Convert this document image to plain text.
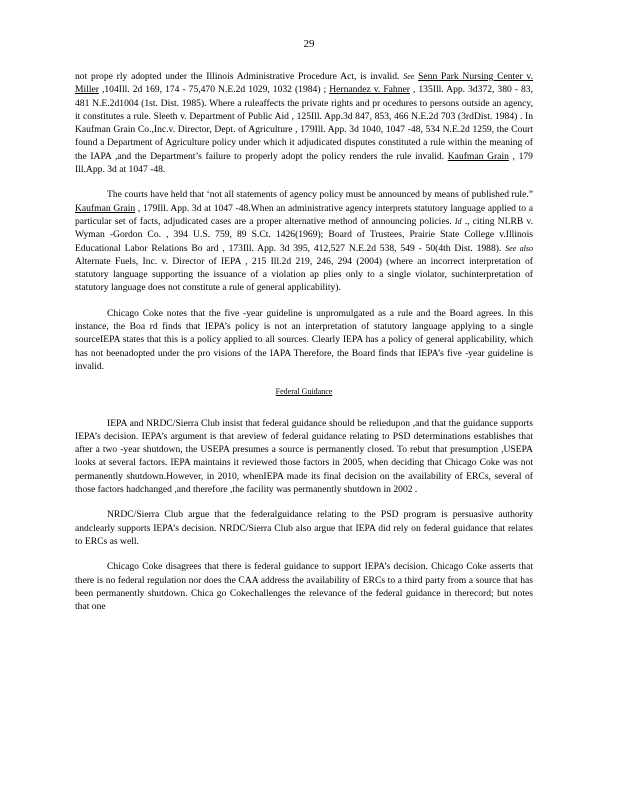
29

not prope rly adopted under the Illinois Administrative Procedure Act, is invalid. See Senn Park Nursing Center v. Miller ,104Ill. 2d 169, 174 - 75,470 N.E.2d 1029, 1032 (1984) ; Hernandez v. Fahner , 135Ill. App. 3d372, 380 - 83, 481 N.E.2d1004 (1st. Dist. 1985). Where a ruleaffects the private rights and pr ocedures to persons outside an agency, it constitutes a rule. Sleeth v. Department of Public Aid , 125Ill. App.3d 847, 853, 466 N.E.2d 703 (3rdDist. 1984) . In Kaufman Grain Co.,Inc.v. Director, Dept. of Agriculture , 179Ill. App. 3d 1040, 1047 -48, 534 N.E.2d 1259, the Court found a Department of Agriculture policy under which it adjudicated disputes constituted a rule within the meaning of the IAPA ,and the Department’s failure to properly adopt the policy renders the rule invalid. Kaufman Grain , 179 Ill.App. 3d at 1047 -48.

The courts have held that ‘not all statements of agency policy must be announced by means of published rule.” Kaufman Grain , 179Ill. App. 3d at 1047 -48.When an administrative agency interprets statutory language applied to a particular set of facts, adjudicated cases are a proper alternative method of announcing policies. Id ., citing NLRB v. Wyman -Gordon Co. , 394 U.S. 759, 89 S.Ct. 1426(1969); Board of Trustees, Prairie State College v.Illinois Educational Labor Relations Bo ard , 173Ill. App. 3d 395, 412,527 N.E.2d 538, 549 - 50(4th Dist. 1988). See also Alternate Fuels, Inc. v. Director of IEPA , 215 Ill.2d 219, 246, 294 (2004) (where an incorrect interpretation of statutory language supporting the issuance of a violation ap plies only to a single violator, suchinterpretation of statutory language does not constitute a rule of general applicability).

Chicago Coke notes that the five -year guideline is unpromulgated as a rule and the Board agrees. In this instance, the Boa rd finds that IEPA’s policy is not an interpretation of statutory language applying to a single sourceIEPA states that this is a policy applied to all sources. Clearly IEPA has a policy of general applicability, which has not beenadopted under the pro visions of the IAPA Therefore, the Board finds that IEPA’s five -year guideline is invalid.

Federal Guidance

IEPA and NRDC/Sierra Club insist that federal guidance should be reliedupon ,and that the guidance supports IEPA’s decision. IEPA’s argument is that areview of federal guidance relating to PSD determinations establishes that after a two -year shutdown, the USEPA presumes a source is permanently closed. To rebut that presumption ,USEPA looks at several factors. IEPA maintains it reviewed those factors in 2005, when deciding that Chicago Coke was not permanently shutdown.However, in 2010, whenIEPA made its final decision on the availability of ERCs, several of those factors hadchanged ,and therefore ,the facility was permanently shutdown in 2002 .

NRDC/Sierra Club argue that the federalguidance relating to the PSD program is persuasive authority andclearly supports IEPA’s decision. NRDC/Sierra Club also argue that IEPA did rely on federal guidance that relates to ERCs as well.

Chicago Coke disagrees that there is federal guidance to support IEPA’s decision. Chicago Coke asserts that there is no federal regulation nor does the CAA address the availability of ERCs to a third party from a source that has been permanently shutdown. Chica go Cokechallenges the relevance of the federal guidance in therecord; but notes that one
